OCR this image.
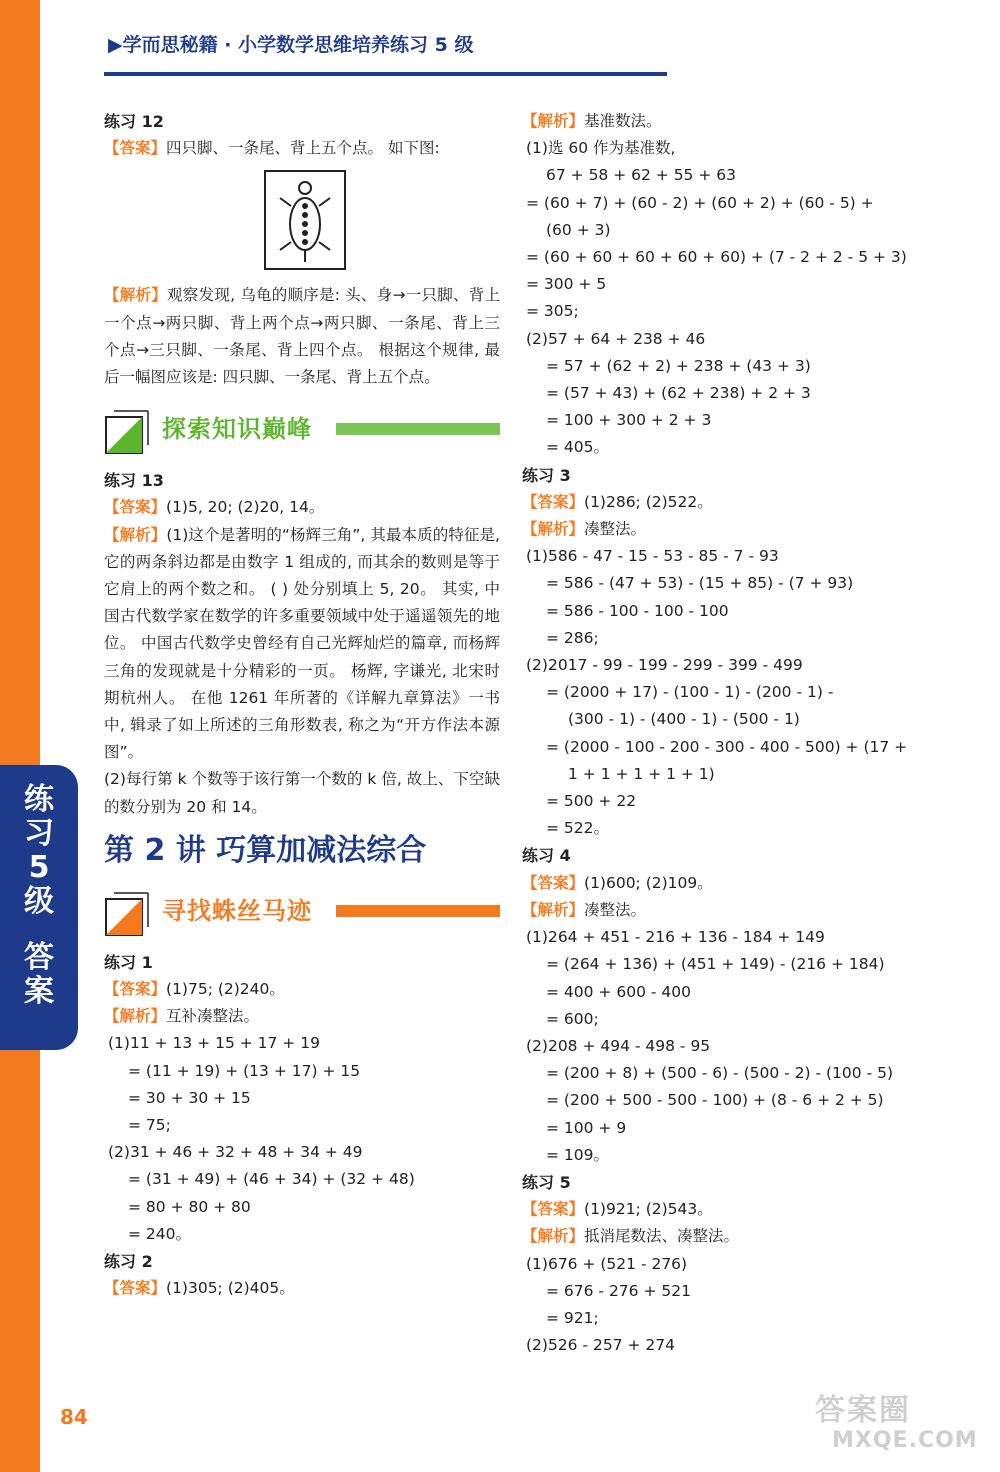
练
习
5
级
答
案
▶学而思秘籍 · 小学数学思维培养练习 5 级
练习 12
【答案】四只脚、一条尾、背上五个点。 如下图:
【解析】观察发现, 乌龟的顺序是: 头、身→一只脚、背上一个点→两只脚、背上两个点→两只脚、一条尾、背上三个点→三只脚、一条尾、背上四个点。 根据这个规律, 最后一幅图应该是: 四只脚、一条尾、背上五个点。
探索知识巅峰
练习 13
【答案】(1)5, 20; (2)20, 14。
【解析】(1)这个是著明的“杨辉三角”, 其最本质的特征是, 它的两条斜边都是由数字 1 组成的, 而其余的数则是等于它肩上的两个数之和。 ( ) 处分别填上 5, 20。 其实, 中国古代数学家在数学的许多重要领域中处于遥遥领先的地位。 中国古代数学史曾经有自己光辉灿烂的篇章, 而杨辉三角的发现就是十分精彩的一页。 杨辉, 字谦光, 北宋时期杭州人。 在他 1261 年所著的《详解九章算法》一书中, 辑录了如上所述的三角形数表, 称之为“开方作法本源图”。
(2)每行第 k 个数等于该行第一个数的 k 倍, 故上、下空缺的数分别为 20 和 14。
第 2 讲 巧算加减法综合
寻找蛛丝马迹
练习 1
【答案】(1)75; (2)240。
【解析】互补凑整法。
(1)11 + 13 + 15 + 17 + 19
= (11 + 19) + (13 + 17) + 15
= 30 + 30 + 15
= 75;
(2)31 + 46 + 32 + 48 + 34 + 49
= (31 + 49) + (46 + 34) + (32 + 48)
= 80 + 80 + 80
= 240。
练习 2
【答案】(1)305; (2)405。
【解析】基准数法。
(1)选 60 作为基准数,
67 + 58 + 62 + 55 + 63
= (60 + 7) + (60 - 2) + (60 + 2) + (60 - 5) +
(60 + 3)
= (60 + 60 + 60 + 60 + 60) + (7 - 2 + 2 - 5 + 3)
= 300 + 5
= 305;
(2)57 + 64 + 238 + 46
= 57 + (62 + 2) + 238 + (43 + 3)
= (57 + 43) + (62 + 238) + 2 + 3
= 100 + 300 + 2 + 3
= 405。
练习 3
【答案】(1)286; (2)522。
【解析】凑整法。
(1)586 - 47 - 15 - 53 - 85 - 7 - 93
= 586 - (47 + 53) - (15 + 85) - (7 + 93)
= 586 - 100 - 100 - 100
= 286;
(2)2017 - 99 - 199 - 299 - 399 - 499
= (2000 + 17) - (100 - 1) - (200 - 1) -
(300 - 1) - (400 - 1) - (500 - 1)
= (2000 - 100 - 200 - 300 - 400 - 500) + (17 +
1 + 1 + 1 + 1 + 1)
= 500 + 22
= 522。
练习 4
【答案】(1)600; (2)109。
【解析】凑整法。
(1)264 + 451 - 216 + 136 - 184 + 149
= (264 + 136) + (451 + 149) - (216 + 184)
= 400 + 600 - 400
= 600;
(2)208 + 494 - 498 - 95
= (200 + 8) + (500 - 6) - (500 - 2) - (100 - 5)
= (200 + 500 - 500 - 100) + (8 - 6 + 2 + 5)
= 100 + 9
= 109。
练习 5
【答案】(1)921; (2)543。
【解析】抵消尾数法、凑整法。
(1)676 + (521 - 276)
= 676 - 276 + 521
= 921;
(2)526 - 257 + 274
84	答案圈
MXQE.COM
